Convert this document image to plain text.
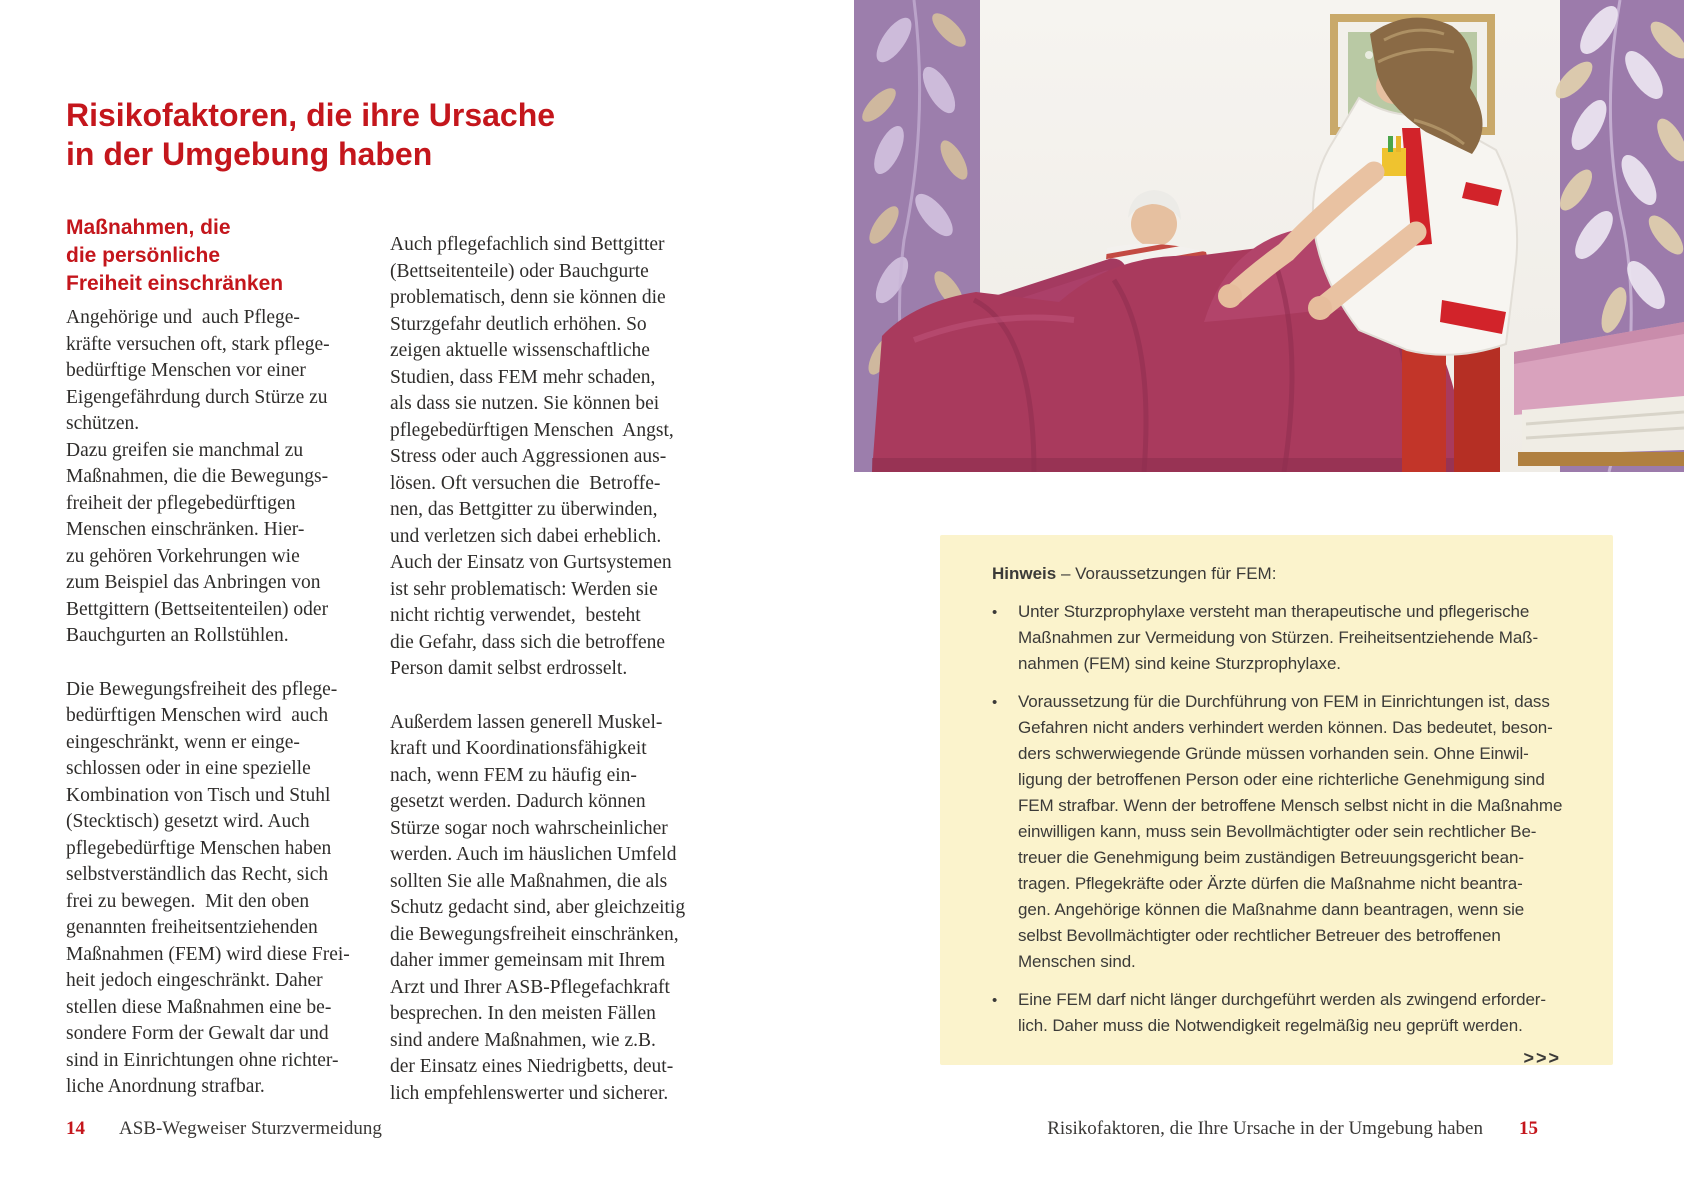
Risikofaktoren, die ihre Ursache
in der Umgebung haben
Maßnahmen, die
die persönliche
Freiheit einschränken
Angehörige und  auch Pflege-
kräfte versuchen oft, stark pflege-
bedürftige Menschen vor einer
Eigengefährdung durch Stürze zu
schützen.
Dazu greifen sie manchmal zu
Maßnahmen, die die Bewegungs-
freiheit der pflegebedürftigen
Menschen einschränken. Hier-
zu gehören Vorkehrungen wie
zum Beispiel das Anbringen von
Bettgittern (Bettseitenteilen) oder
Bauchgurten an Rollstühlen.
Die Bewegungsfreiheit des pflege-
bedürftigen Menschen wird  auch
eingeschränkt, wenn er einge-
schlossen oder in eine spezielle
Kombination von Tisch und Stuhl
(Stecktisch) gesetzt wird. Auch
pflegebedürftige Menschen haben
selbstverständlich das Recht, sich
frei zu bewegen.  Mit den oben
genannten freiheitsentziehenden
Maßnahmen (FEM) wird diese Frei-
heit jedoch eingeschränkt. Daher
stellen diese Maßnahmen eine be-
sondere Form der Gewalt dar und
sind in Einrichtungen ohne richter-
liche Anordnung strafbar.
Auch pflegefachlich sind Bettgitter
(Bettseitenteile) oder Bauchgurte
problematisch, denn sie können die
Sturzgefahr deutlich erhöhen. So
zeigen aktuelle wissenschaftliche
Studien, dass FEM mehr schaden,
als dass sie nutzen. Sie können bei
pflegebedürftigen Menschen  Angst,
Stress oder auch Aggressionen aus-
lösen. Oft versuchen die  Betroffe-
nen, das Bettgitter zu überwinden,
und verletzen sich dabei erheblich.
Auch der Einsatz von Gurtsystemen
ist sehr problematisch: Werden sie
nicht richtig verwendet,  besteht
die Gefahr, dass sich die betroffene
Person damit selbst erdrosselt.
Außerdem lassen generell Muskel-
kraft und Koordinationsfähigkeit
nach, wenn FEM zu häufig ein-
gesetzt werden. Dadurch können
Stürze sogar noch wahrscheinlicher
werden. Auch im häuslichen Umfeld
sollten Sie alle Maßnahmen, die als
Schutz gedacht sind, aber gleichzeitig
die Bewegungsfreiheit einschränken,
daher immer gemeinsam mit Ihrem
Arzt und Ihrer ASB-Pflegefachkraft
besprechen. In den meisten Fällen
sind andere Maßnahmen, wie z.B.
der Einsatz eines Niedrigbetts, deut-
lich empfehlenswerter und sicherer.
Hinweis – Voraussetzungen für FEM:
•	Unter Sturzprophylaxe versteht man therapeutische und pflegerische
Maßnahmen zur Vermeidung von Stürzen. Freiheitsentziehende Maß-
nahmen (FEM) sind keine Sturzprophylaxe.
•	Voraussetzung für die Durchführung von FEM in Einrichtungen ist, dass
Gefahren nicht anders verhindert werden können. Das bedeutet, beson-
ders schwerwiegende Gründe müssen vorhanden sein. Ohne Einwil-
ligung der betroffenen Person oder eine richterliche Genehmigung sind
FEM strafbar. Wenn der betroffene Mensch selbst nicht in die Maßnahme
einwilligen kann, muss sein Bevollmächtigter oder sein rechtlicher Be-
treuer die Genehmigung beim zuständigen Betreuungsgericht bean-
tragen. Pflegekräfte oder Ärzte dürfen die Maßnahme nicht beantra-
gen. Angehörige können die Maßnahme dann beantragen, wenn sie
selbst Bevollmächtigter oder rechtlicher Betreuer des betroffenen
Menschen sind.
•	Eine FEM darf nicht länger durchgeführt werden als zwingend erforder-
lich. Daher muss die Notwendigkeit regelmäßig neu geprüft werden.
>>>
14 ASB-Wegweiser Sturzvermeidung	Risikofaktoren, die Ihre Ursache in der Umgebung haben 15
